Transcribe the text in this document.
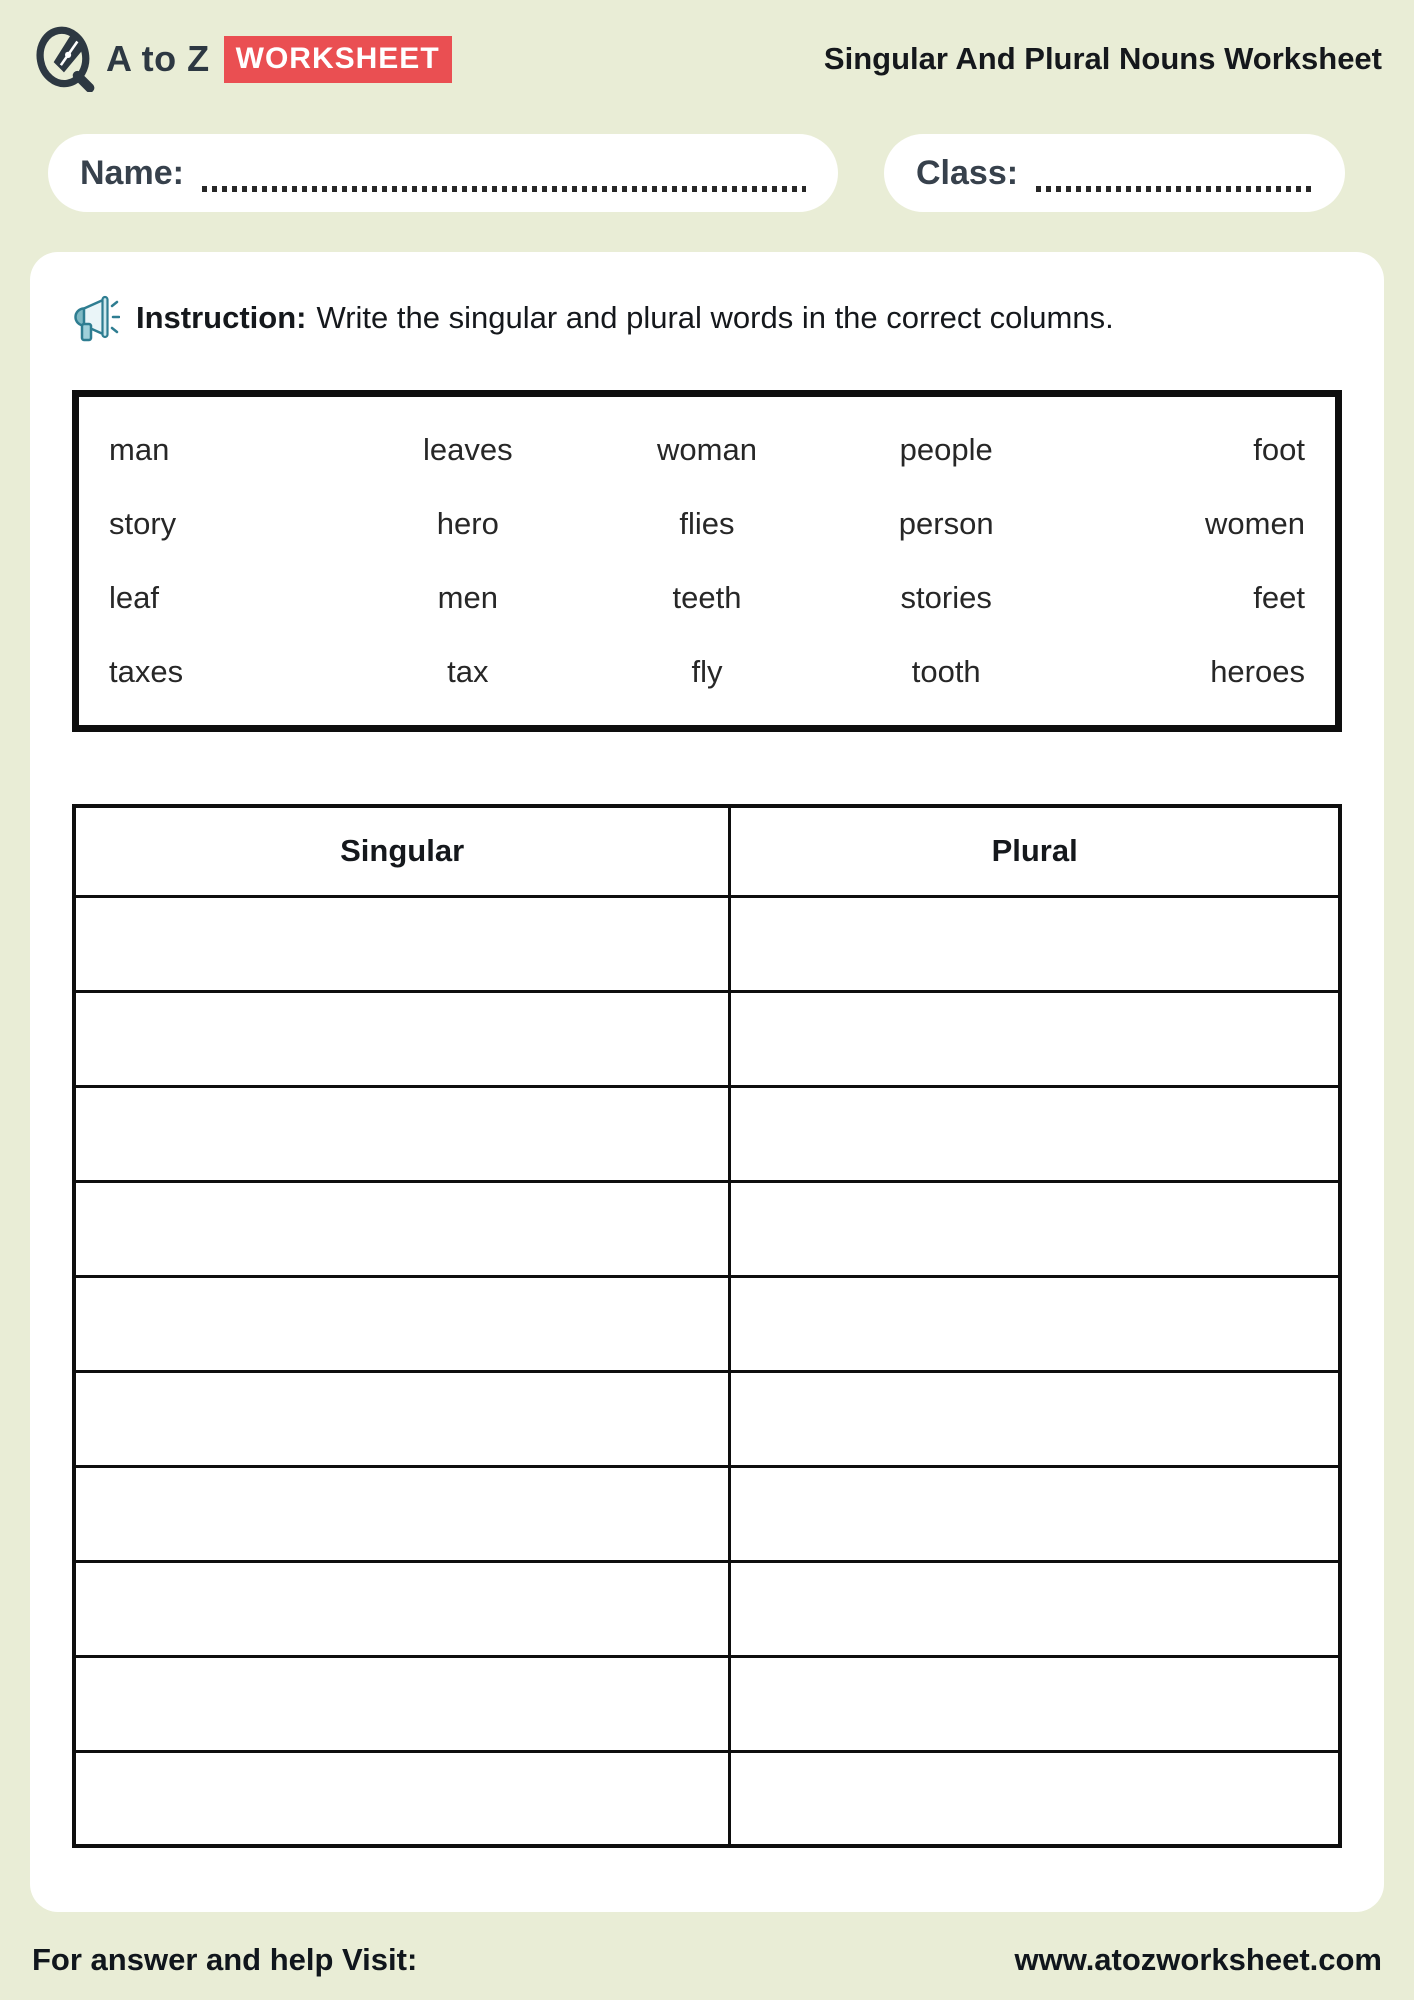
A to Z WORKSHEET	Singular And Plural Nouns Worksheet
Name:	Class:
Instruction: Write the singular and plural words in the correct columns.
man	leaves	woman	people	foot
story	hero	flies	person	women
leaf	men	teeth	stories	feet
taxes	tax	fly	tooth	heroes
Singular	Plural

For answer and help Visit:	www.atozworksheet.com
